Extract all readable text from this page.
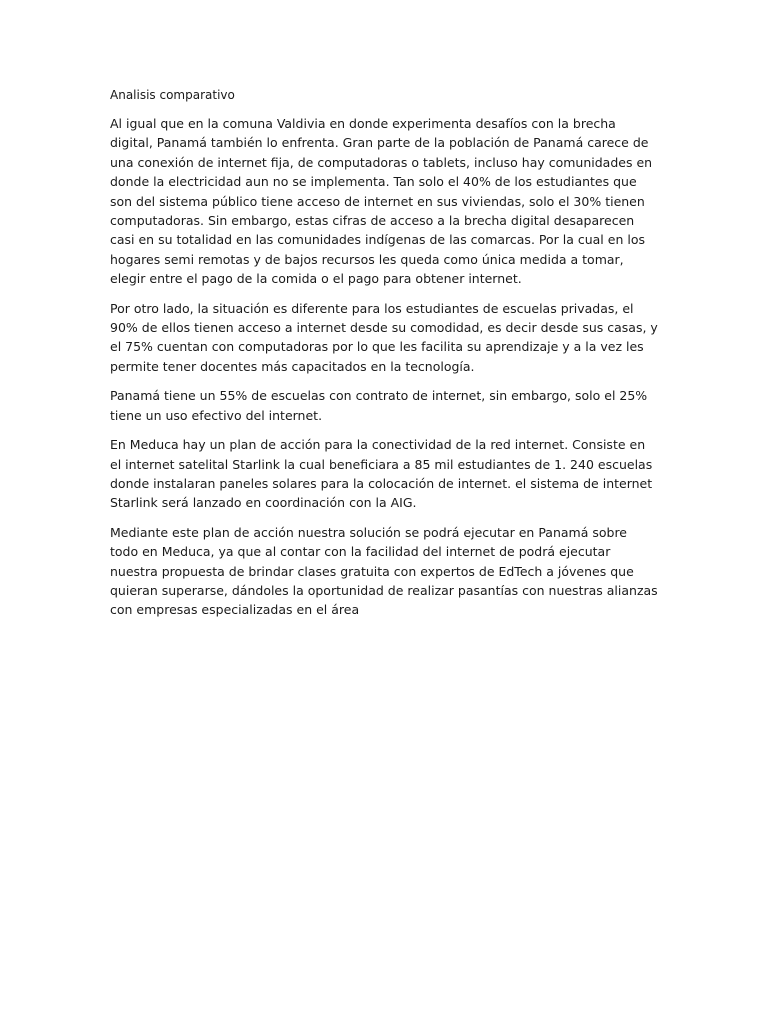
Analisis comparativo

Al igual que en la comuna Valdivia en donde experimenta desafíos con la brecha digital, Panamá también lo enfrenta. Gran parte de la población de Panamá carece de una conexión de internet fija, de computadoras o tablets, incluso hay comunidades en donde la electricidad aun no se implementa. Tan solo el 40% de los estudiantes que son del sistema público tiene acceso de internet en sus viviendas, solo el 30% tienen computadoras. Sin embargo, estas cifras de acceso a la brecha digital desaparecen casi en su totalidad en las comunidades indígenas de las comarcas. Por la cual en los hogares semi remotas y de bajos recursos les queda como única medida a tomar, elegir entre el pago de la comida o el pago para obtener internet.

Por otro lado, la situación es diferente para los estudiantes de escuelas privadas, el 90% de ellos tienen acceso a internet desde su comodidad, es decir desde sus casas, y el 75% cuentan con computadoras por lo que les facilita su aprendizaje y a la vez les permite tener docentes más capacitados en la tecnología.

Panamá tiene un 55% de escuelas con contrato de internet, sin embargo, solo el 25% tiene un uso efectivo del internet.

En Meduca hay un plan de acción para la conectividad de la red internet. Consiste en el internet satelital Starlink la cual beneficiara a 85 mil estudiantes de 1. 240 escuelas donde instalaran paneles solares para la colocación de internet. el sistema de internet Starlink será lanzado en coordinación con la AIG.

Mediante este plan de acción nuestra solución se podrá ejecutar en Panamá sobre todo en Meduca, ya que al contar con la facilidad del internet de podrá ejecutar nuestra propuesta de brindar clases gratuita con expertos de EdTech a jóvenes que quieran superarse, dándoles la oportunidad de realizar pasantías con nuestras alianzas con empresas especializadas en el área
